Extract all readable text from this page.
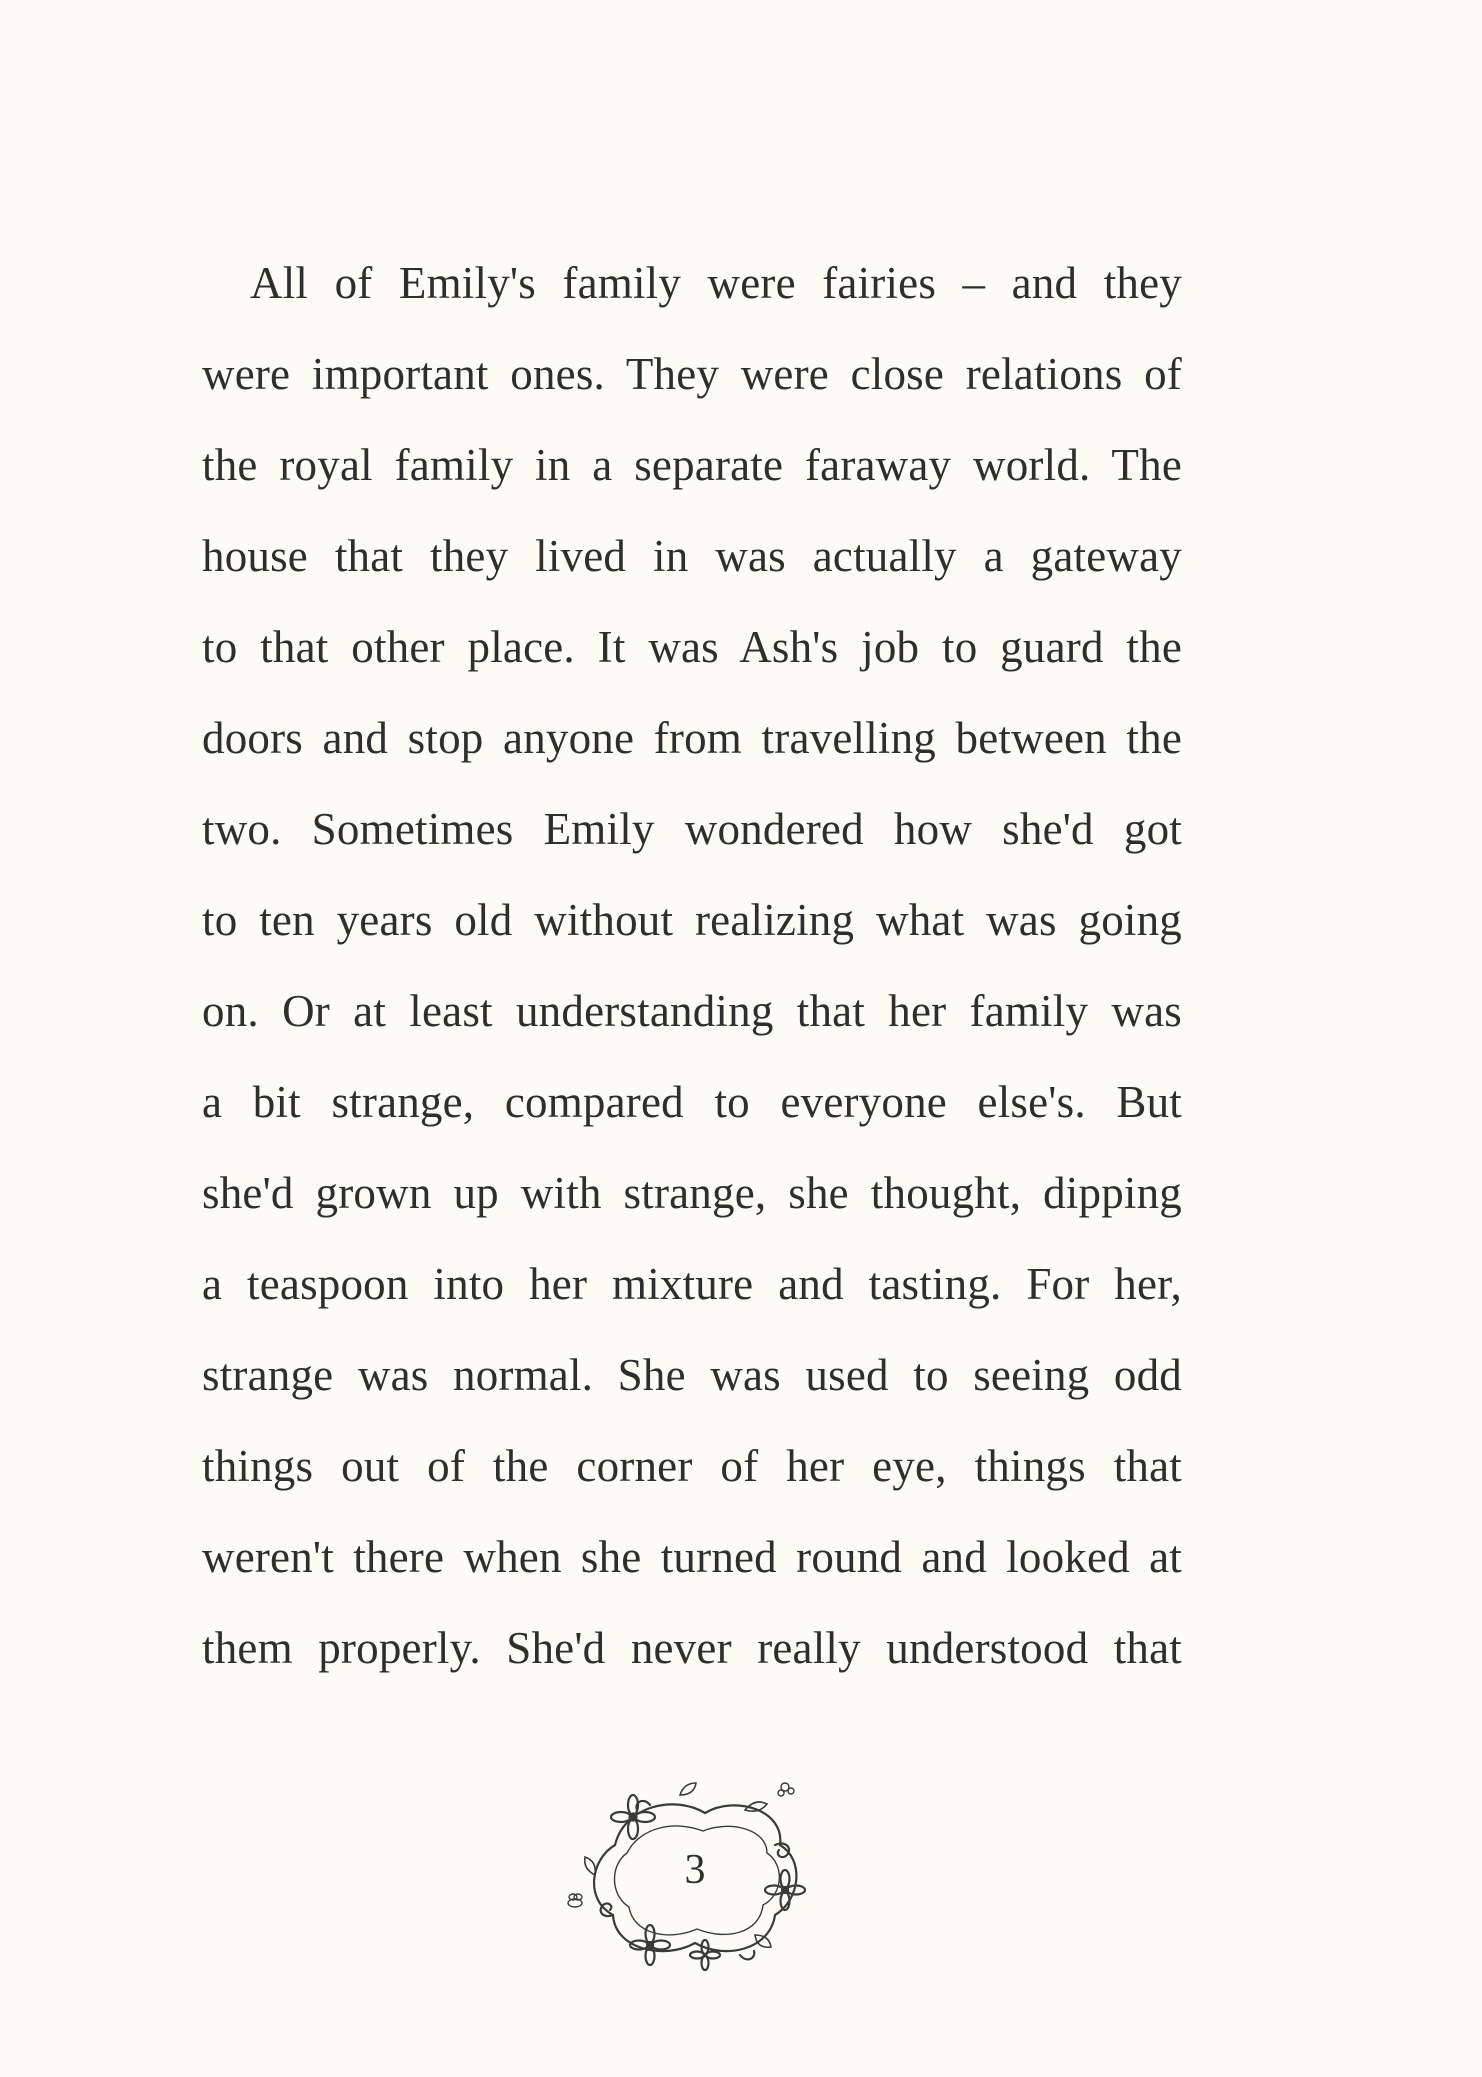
All of Emily's family were fairies – and they
were important ones. They were close relations of
the royal family in a separate faraway world. The
house that they lived in was actually a gateway
to that other place. It was Ash's job to guard the
doors and stop anyone from travelling between the
two. Sometimes Emily wondered how she'd got
to ten years old without realizing what was going
on. Or at least understanding that her family was
a bit strange, compared to everyone else's. But
she'd grown up with strange, she thought, dipping
a teaspoon into her mixture and tasting. For her,
strange was normal. She was used to seeing odd
things out of the corner of her eye, things that
weren't there when she turned round and looked at
them properly. She'd never really understood that
3
